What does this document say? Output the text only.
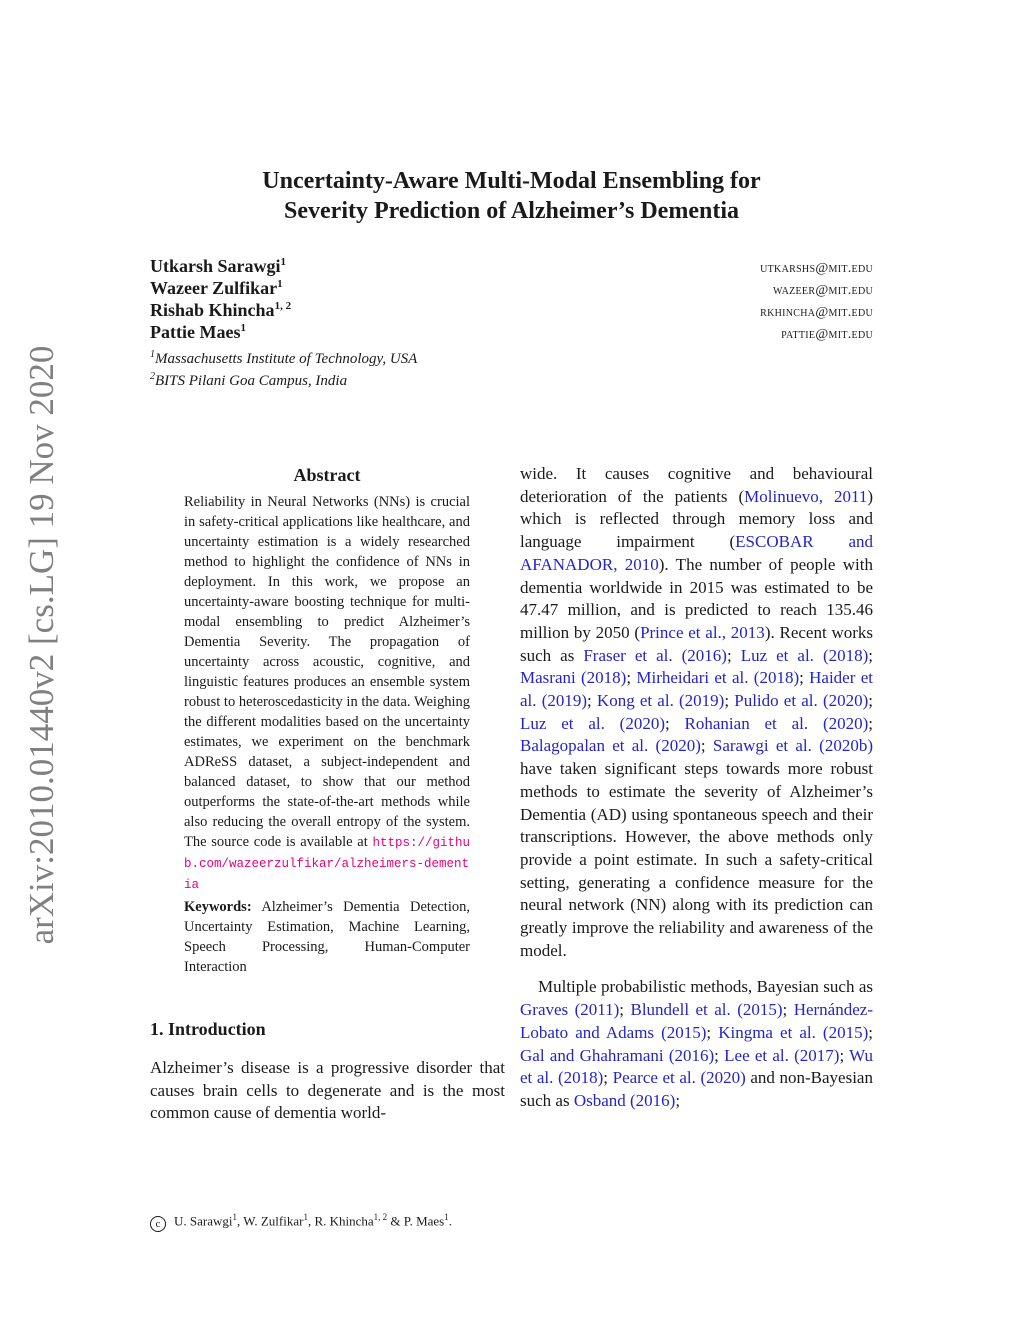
arXiv:2010.01440v2 [cs.LG] 19 Nov 2020
Uncertainty-Aware Multi-Modal Ensembling for
Severity Prediction of Alzheimer’s Dementia
Utkarsh Sarawgi$^1$	utkarshs@mit.edu
Wazeer Zulfikar$^1$	wazeer@mit.edu
Rishab Khincha$^{1, 2}$	rkhincha@mit.edu
Pattie Maes$^1$	pattie@mit.edu
$^1$Massachusetts Institute of Technology, USA
$^2$BITS Pilani Goa Campus, India
Abstract
Reliability in Neural Networks (NNs) is crucial in safety-critical applications like healthcare, and uncertainty estimation is a widely researched method to highlight the confidence of NNs in deployment. In this work, we propose an uncertainty-aware boosting technique for multi-modal ensembling to predict Alzheimer’s Dementia Severity. The propagation of uncertainty across acoustic, cognitive, and linguistic features produces an ensemble system robust to heteroscedasticity in the data. Weighing the different modalities based on the uncertainty estimates, we experiment on the benchmark ADReSS dataset, a subject-independent and balanced dataset, to show that our method outperforms the state-of-the-art methods while also reducing the overall entropy of the system. The source code is available at https://github.com/wazeerzulfikar/alzheimers-dementia
Keywords: Alzheimer’s Dementia Detection, Uncertainty Estimation, Machine Learning, Speech Processing, Human-Computer Interaction
1. Introduction
Alzheimer’s disease is a progressive disorder that causes brain cells to degenerate and is the most common cause of dementia world-

wide. It causes cognitive and behavioural deterioration of the patients (Molinuevo, 2011) which is reflected through memory loss and language impairment (ESCOBAR and AFANADOR, 2010). The number of people with dementia worldwide in 2015 was estimated to be 47.47 million, and is predicted to reach 135.46 million by 2050 (Prince et al., 2013). Recent works such as Fraser et al. (2016); Luz et al. (2018); Masrani (2018); Mirheidari et al. (2018); Haider et al. (2019); Kong et al. (2019); Pulido et al. (2020); Luz et al. (2020); Rohanian et al. (2020); Balagopalan et al. (2020); Sarawgi et al. (2020b) have taken significant steps towards more robust methods to estimate the severity of Alzheimer’s Dementia (AD) using spontaneous speech and their transcriptions. However, the above methods only provide a point estimate. In such a safety-critical setting, generating a confidence measure for the neural network (NN) along with its prediction can greatly improve the reliability and awareness of the model.

Multiple probabilistic methods, Bayesian such as Graves (2011); Blundell et al. (2015); Hernández-Lobato and Adams (2015); Kingma et al. (2015); Gal and Ghahramani (2016); Lee et al. (2017); Wu et al. (2018); Pearce et al. (2020) and non-Bayesian such as Osband (2016);

c U. Sarawgi$^1$, W. Zulfikar$^1$, R. Khincha$^{1, 2}$ & P. Maes$^1$.
